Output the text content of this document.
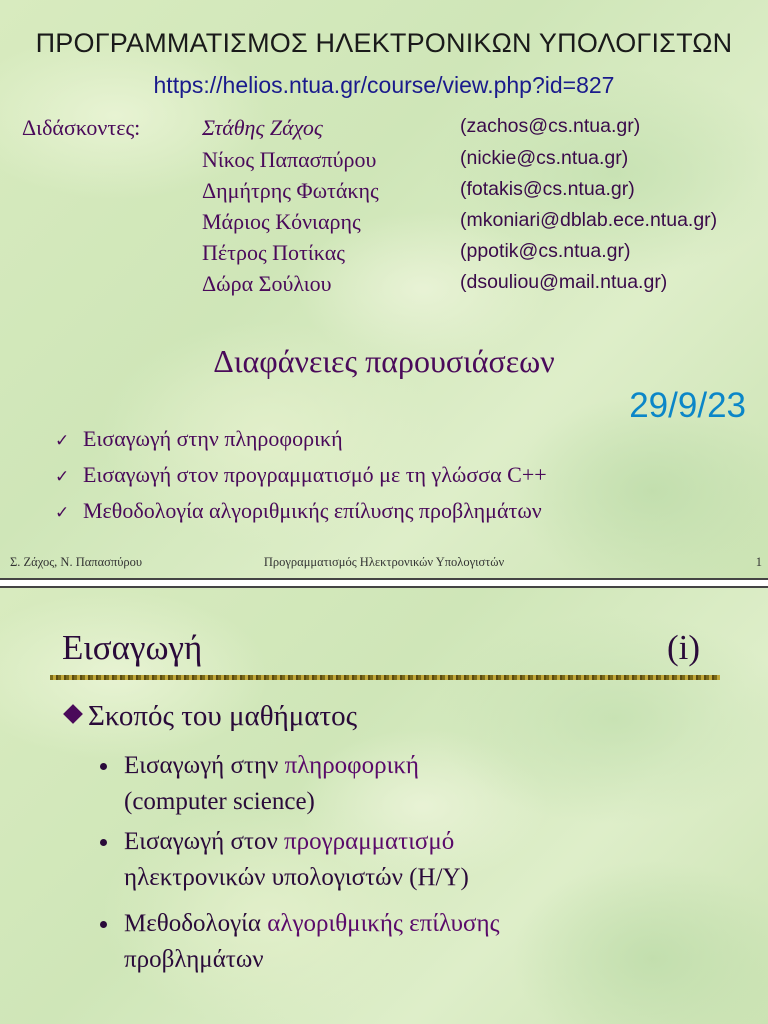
ΠΡΟΓΡΑΜΜΑΤΙΣΜΟΣ ΗΛΕΚΤΡΟΝΙΚΩΝ ΥΠΟΛΟΓΙΣΤΩΝ
https://helios.ntua.gr/course/view.php?id=827
Διδάσκοντες:	Στάθης Ζάχος	(zachos@cs.ntua.gr)
Νίκος Παπασπύρου	(nickie@cs.ntua.gr)
Δημήτρης Φωτάκης	(fotakis@cs.ntua.gr)
Μάριος Κόνιαρης	(mkoniari@dblab.ece.ntua.gr)
Πέτρος Ποτίκας	(ppotik@cs.ntua.gr)
Δώρα Σούλιου	(dsouliou@mail.ntua.gr)
Διαφάνειες παρουσιάσεων
29/9/23
✓ Εισαγωγή στην πληροφορική
✓ Εισαγωγή στον προγραμματισμό με τη γλώσσα C++
✓ Μεθοδολογία αλγοριθμικής επίλυσης προβλημάτων
Σ. Ζάχος, Ν. Παπασπύρου	Προγραμματισμός Ηλεκτρονικών Υπολογιστών	1
Εισαγωγή	(i)
Σκοπός του μαθήματος
Εισαγωγή στην πληροφορική
(computer science)
Εισαγωγή στον προγραμματισμό
ηλεκτρονικών υπολογιστών (Η/Υ)
Μεθοδολογία αλγοριθμικής επίλυσης
προβλημάτων
